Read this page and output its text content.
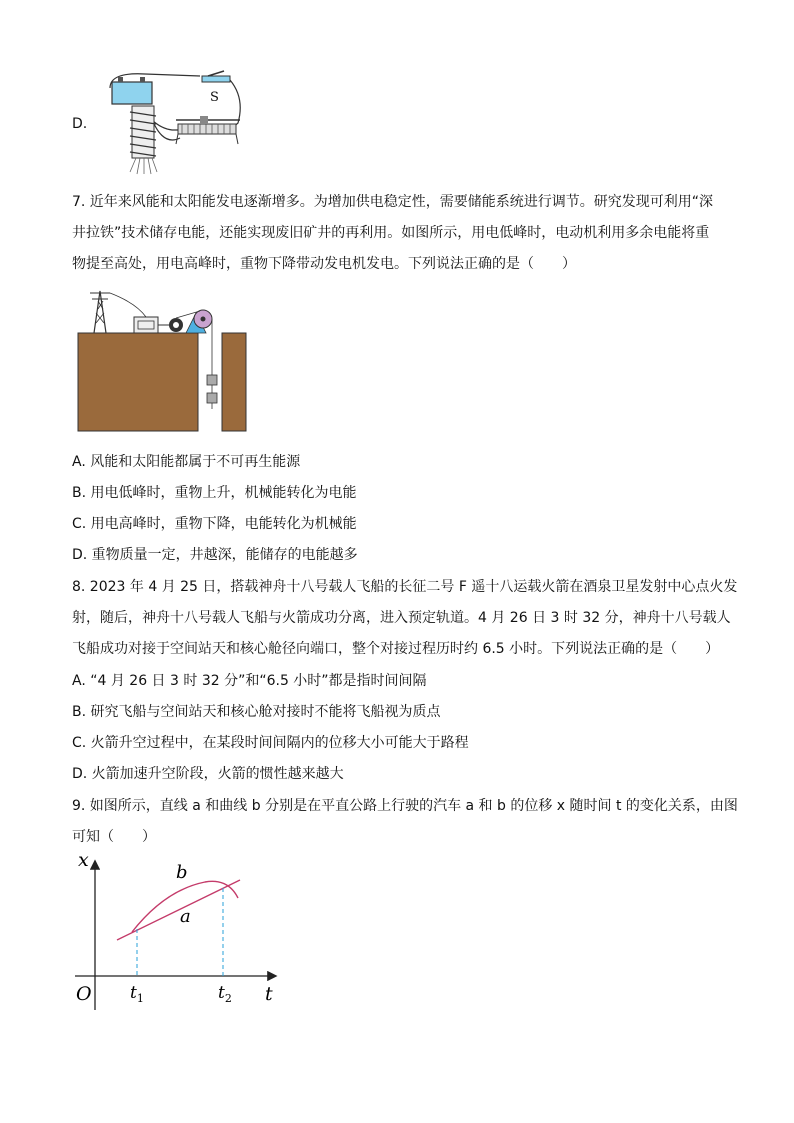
D.
S
7. 近年来风能和太阳能发电逐渐增多。为增加供电稳定性，需要储能系统进行调节。研究发现可利用“深
井拉铁”技术储存电能，还能实现废旧矿井的再利用。如图所示，用电低峰时，电动机利用多余电能将重
物提至高处，用电高峰时，重物下降带动发电机发电。下列说法正确的是（　　）
A. 风能和太阳能都属于不可再生能源
B. 用电低峰时，重物上升，机械能转化为电能
C. 用电高峰时，重物下降，电能转化为机械能
D. 重物质量一定，井越深，能储存的电能越多
8. 2023 年 4 月 25 日，搭载神舟十八号载人飞船的长征二号 F 遥十八运载火箭在酒泉卫星发射中心点火发
射，随后，神舟十八号载人飞船与火箭成功分离，进入预定轨道。4 月 26 日 3 时 32 分，神舟十八号载人
飞船成功对接于空间站天和核心舱径向端口，整个对接过程历时约 6.5 小时。下列说法正确的是（　　）
A. “4 月 26 日 3 时 32 分”和“6.5 小时”都是指时间间隔
B. 研究飞船与空间站天和核心舱对接时不能将飞船视为质点
C. 火箭升空过程中，在某段时间间隔内的位移大小可能大于路程
D. 火箭加速升空阶段，火箭的惯性越来越大
9. 如图所示，直线 a 和曲线 b 分别是在平直公路上行驶的汽车 a 和 b 的位移 x 随时间 t 的变化关系，由图
可知（　　）
x
t
O
b
a
$t_1$	$t_2$
